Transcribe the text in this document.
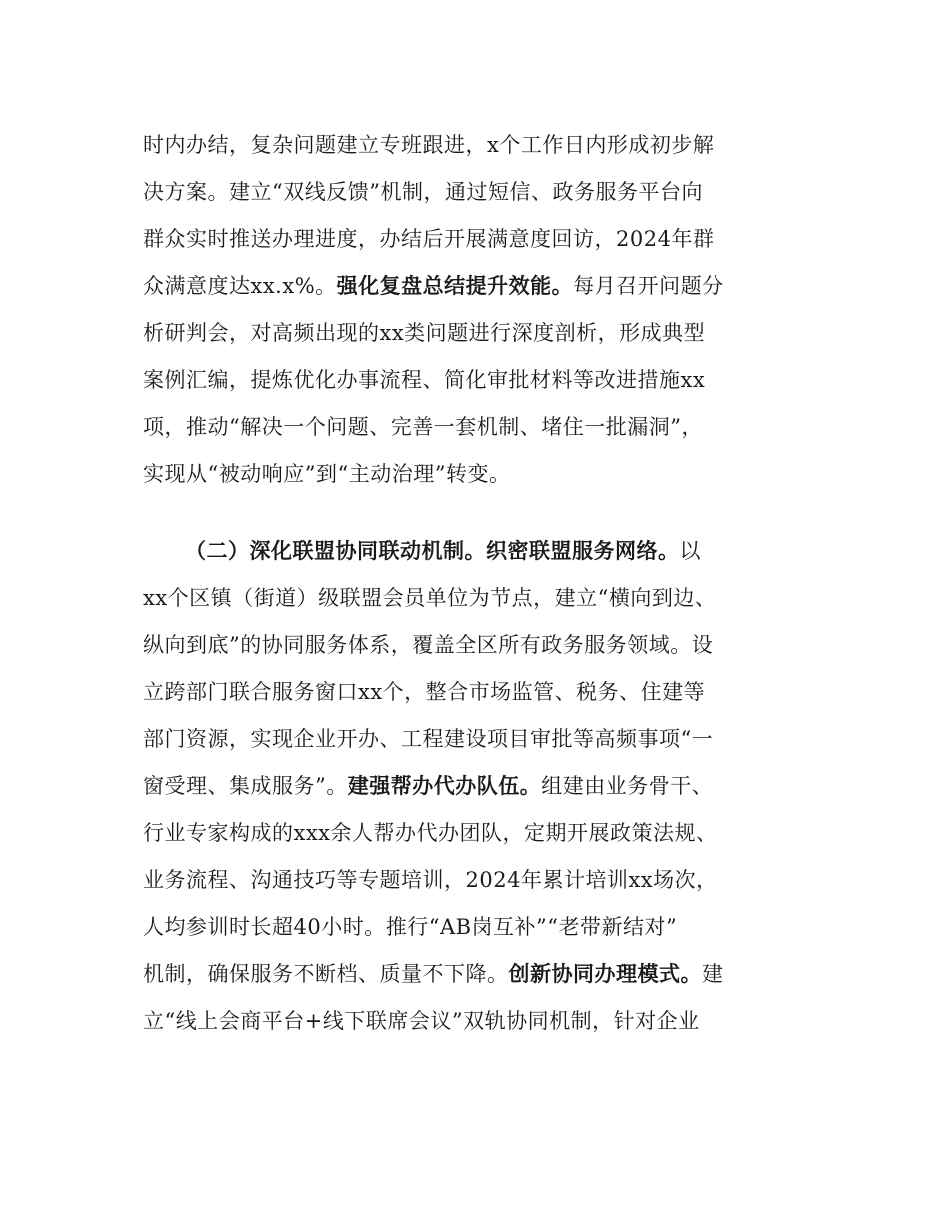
时内办结，复杂问题建立专班跟进，x个工作日内形成初步解
决方案。建立“双线反馈”机制，通过短信、政务服务平台向
群众实时推送办理进度，办结后开展满意度回访，2024年群
众满意度达xx.x%。 强化复盘总结提升效能。 每月召开问题分
析研判会，对高频出现的xx类问题进行深度剖析，形成典型
案例汇编，提炼优化办事流程、简化审批材料等改进措施xx
项，推动“解决一个问题、完善一套机制、堵住一批漏洞”，
实现从“被动响应”到“主动治理”转变。
（二）深化联盟协同联动机制。织密联盟服务网络。 以
xx个区镇（街道）级联盟会员单位为节点，建立“横向到边、
纵向到底”的协同服务体系，覆盖全区所有政务服务领域。设
立跨部门联合服务窗口xx个，整合市场监管、税务、住建等
部门资源，实现企业开办、工程建设项目审批等高频事项“一
窗受理、集成服务”。 建强帮办代办队伍。 组建由业务骨干、
行业专家构成的xxx余人帮办代办团队，定期开展政策法规、
业务流程、沟通技巧等专题培训，2024年累计培训xx场次，
人均参训时长超40小时。推行“AB岗互补”“老带新结对”
机制，确保服务不断档、质量不下降。 创新协同办理模式。 建
立“线上会商平台+线下联席会议”双轨协同机制，针对企业
